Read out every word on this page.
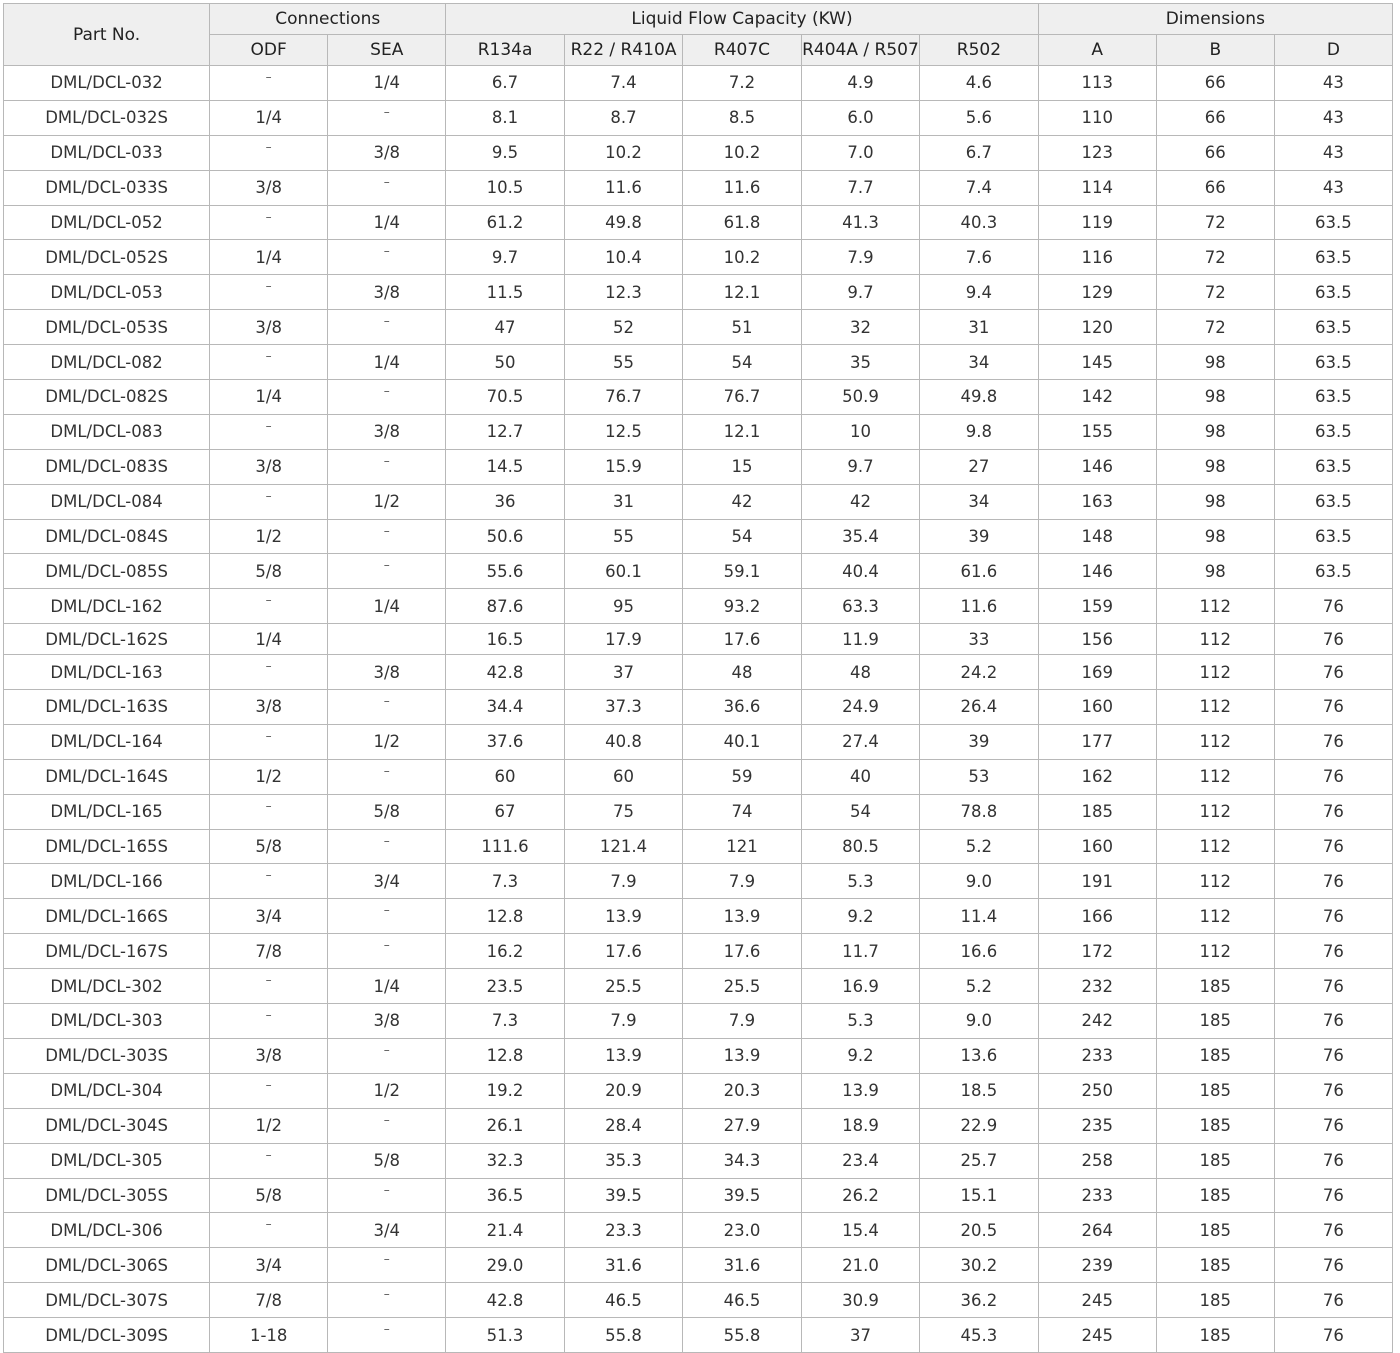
Part No.	Connections		Liquid Flow Capacity (KW)					Dimensions		
	ODF	SEA	R134a	R22 / R410A	R407C	R404A / R507	R502	A	B	D
DML/DCL-032	–	1/4	6.7	7.4	7.2	4.9	4.6	113	66	43
DML/DCL-032S	1/4	–	8.1	8.7	8.5	6.0	5.6	110	66	43
DML/DCL-033	–	3/8	9.5	10.2	10.2	7.0	6.7	123	66	43
DML/DCL-033S	3/8	–	10.5	11.6	11.6	7.7	7.4	114	66	43
DML/DCL-052	–	1/4	61.2	49.8	61.8	41.3	40.3	119	72	63.5
DML/DCL-052S	1/4	–	9.7	10.4	10.2	7.9	7.6	116	72	63.5
DML/DCL-053	–	3/8	11.5	12.3	12.1	9.7	9.4	129	72	63.5
DML/DCL-053S	3/8	–	47	52	51	32	31	120	72	63.5
DML/DCL-082	–	1/4	50	55	54	35	34	145	98	63.5
DML/DCL-082S	1/4	–	70.5	76.7	76.7	50.9	49.8	142	98	63.5
DML/DCL-083	–	3/8	12.7	12.5	12.1	10	9.8	155	98	63.5
DML/DCL-083S	3/8	–	14.5	15.9	15	9.7	27	146	98	63.5
DML/DCL-084	–	1/2	36	31	42	42	34	163	98	63.5
DML/DCL-084S	1/2	–	50.6	55	54	35.4	39	148	98	63.5
DML/DCL-085S	5/8	–	55.6	60.1	59.1	40.4	61.6	146	98	63.5
DML/DCL-162	–	1/4	87.6	95	93.2	63.3	11.6	159	112	76
DML/DCL-162S	1/4		16.5	17.9	17.6	11.9	33	156	112	76
DML/DCL-163	–	3/8	42.8	37	48	48	24.2	169	112	76
DML/DCL-163S	3/8	–	34.4	37.3	36.6	24.9	26.4	160	112	76
DML/DCL-164	–	1/2	37.6	40.8	40.1	27.4	39	177	112	76
DML/DCL-164S	1/2	–	60	60	59	40	53	162	112	76
DML/DCL-165	–	5/8	67	75	74	54	78.8	185	112	76
DML/DCL-165S	5/8	–	111.6	121.4	121	80.5	5.2	160	112	76
DML/DCL-166	–	3/4	7.3	7.9	7.9	5.3	9.0	191	112	76
DML/DCL-166S	3/4	–	12.8	13.9	13.9	9.2	11.4	166	112	76
DML/DCL-167S	7/8	–	16.2	17.6	17.6	11.7	16.6	172	112	76
DML/DCL-302	–	1/4	23.5	25.5	25.5	16.9	5.2	232	185	76
DML/DCL-303	–	3/8	7.3	7.9	7.9	5.3	9.0	242	185	76
DML/DCL-303S	3/8	–	12.8	13.9	13.9	9.2	13.6	233	185	76
DML/DCL-304	–	1/2	19.2	20.9	20.3	13.9	18.5	250	185	76
DML/DCL-304S	1/2	–	26.1	28.4	27.9	18.9	22.9	235	185	76
DML/DCL-305	–	5/8	32.3	35.3	34.3	23.4	25.7	258	185	76
DML/DCL-305S	5/8	–	36.5	39.5	39.5	26.2	15.1	233	185	76
DML/DCL-306	–	3/4	21.4	23.3	23.0	15.4	20.5	264	185	76
DML/DCL-306S	3/4	–	29.0	31.6	31.6	21.0	30.2	239	185	76
DML/DCL-307S	7/8	–	42.8	46.5	46.5	30.9	36.2	245	185	76
DML/DCL-309S	1-18	–	51.3	55.8	55.8	37	45.3	245	185	76
